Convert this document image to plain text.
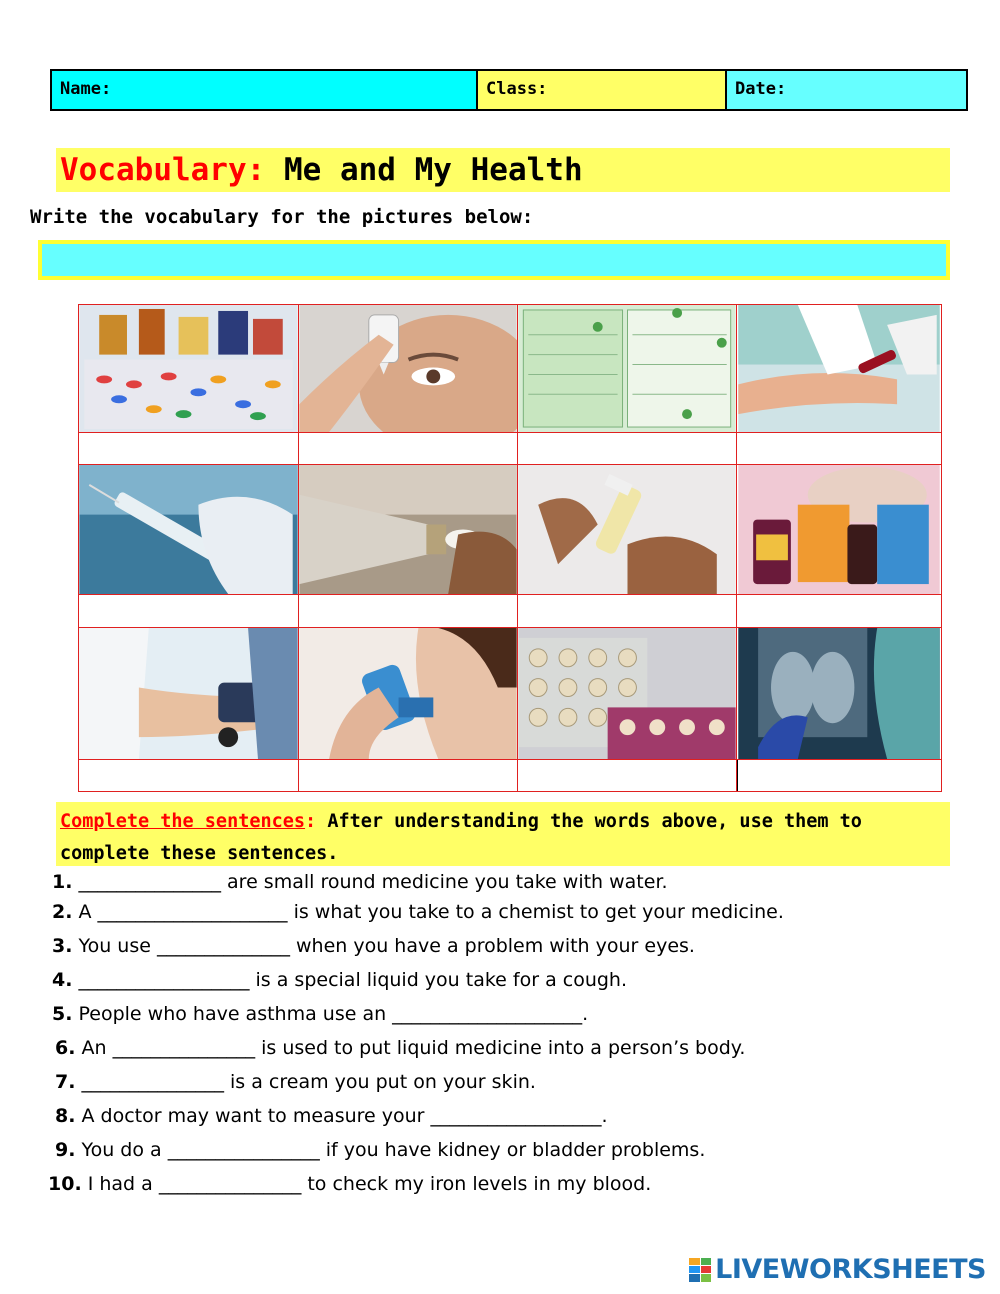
Name:	Class:	Date:
Vocabulary: Me and My Health
Write the vocabulary for the pictures below:
Complete the sentences: After understanding the words above, use them to complete these sentences.
1. _______________ are small round medicine you take with water.
2. A ____________________ is what you take to a chemist to get your medicine.
3. You use ______________ when you have a problem with your eyes.
4. __________________ is a special liquid you take for a cough.
5. People who have asthma use an ____________________.
6. An _______________ is used to put liquid medicine into a person’s body.
7. _______________ is a cream you put on your skin.
8. A doctor may want to measure your __________________.
9. You do a ________________ if you have kidney or bladder problems.
10. I had a _______________ to check my iron levels in my blood.
LIVEWORKSHEETS
